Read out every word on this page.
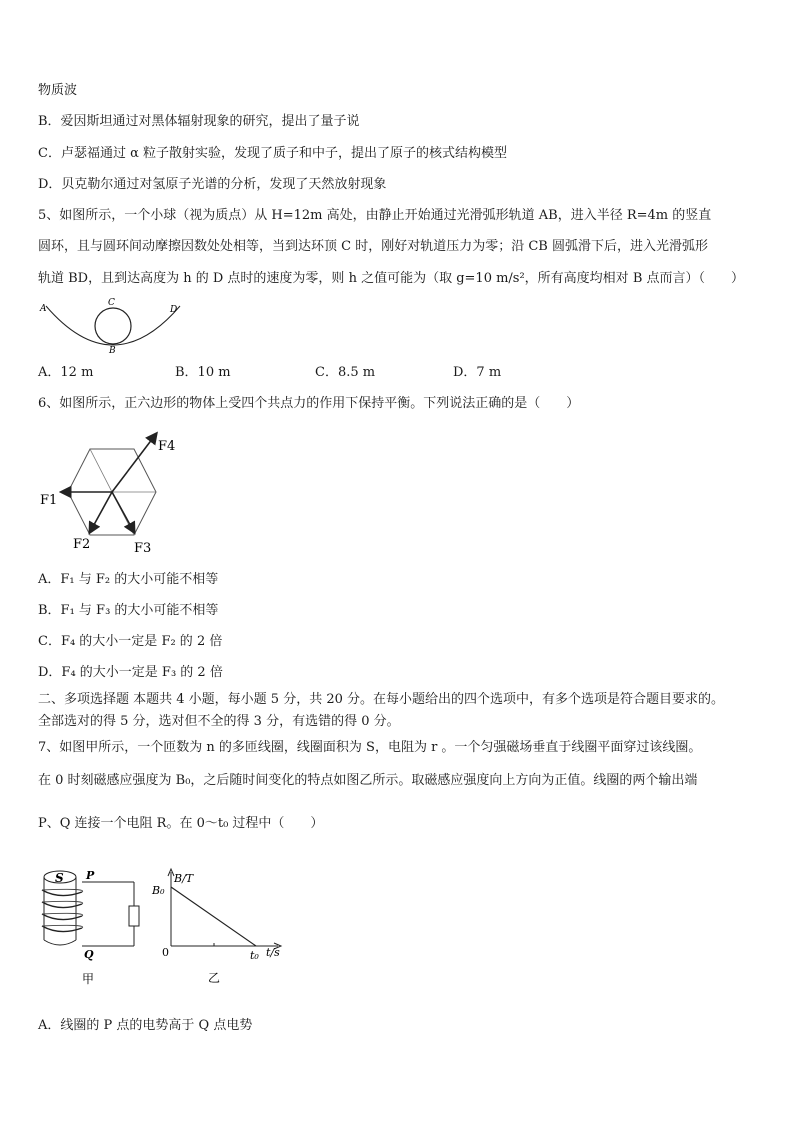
物质波
B．爱因斯坦通过对黑体辐射现象的研究，提出了量子说
C．卢瑟福通过 α 粒子散射实验，发现了质子和中子，提出了原子的核式结构模型
D．贝克勒尔通过对氢原子光谱的分析，发现了天然放射现象
5、如图所示，一个小球（视为质点）从 H=12m 高处，由静止开始通过光滑弧形轨道 AB，进入半径 R=4m 的竖直
圆环，且与圆环间动摩擦因数处处相等，当到达环顶 C 时，刚好对轨道压力为零；沿 CB 圆弧滑下后，进入光滑弧形
轨道 BD，且到达高度为 h 的 D 点时的速度为零，则 h 之值可能为（取 g=10 m/s²，所有高度均相对 B 点而言）（　　）
A
C
D
B
A．12 m	B．10 m	C．8.5 m	D．7 m
6、如图所示，正六边形的物体上受四个共点力的作用下保持平衡。下列说法正确的是（　　）
F4
F1
F2	F3
A．F₁ 与 F₂ 的大小可能不相等
B．F₁ 与 F₃ 的大小可能不相等
C．F₄ 的大小一定是 F₂ 的 2 倍
D．F₄ 的大小一定是 F₃ 的 2 倍
二、多项选择题 本题共 4 小题，每小题 5 分，共 20 分。在每小题给出的四个选项中，有多个选项是符合题目要求的。
全部选对的得 5 分，选对但不全的得 3 分，有选错的得 0 分。
7、如图甲所示，一个匝数为 n 的多匝线圈，线圈面积为 S，电阻为 r 。一个匀强磁场垂直于线圈平面穿过该线圈。
在 0 时刻磁感应强度为 B₀，之后随时间变化的特点如图乙所示。取磁感应强度向上方向为正值。线圈的两个输出端
P、Q 连接一个电阻 R。在 0～t₀ 过程中（　　）
S P
Q
甲
B/T
B₀
0	t₀ t/s
乙
A．线圈的 P 点的电势高于 Q 点电势
